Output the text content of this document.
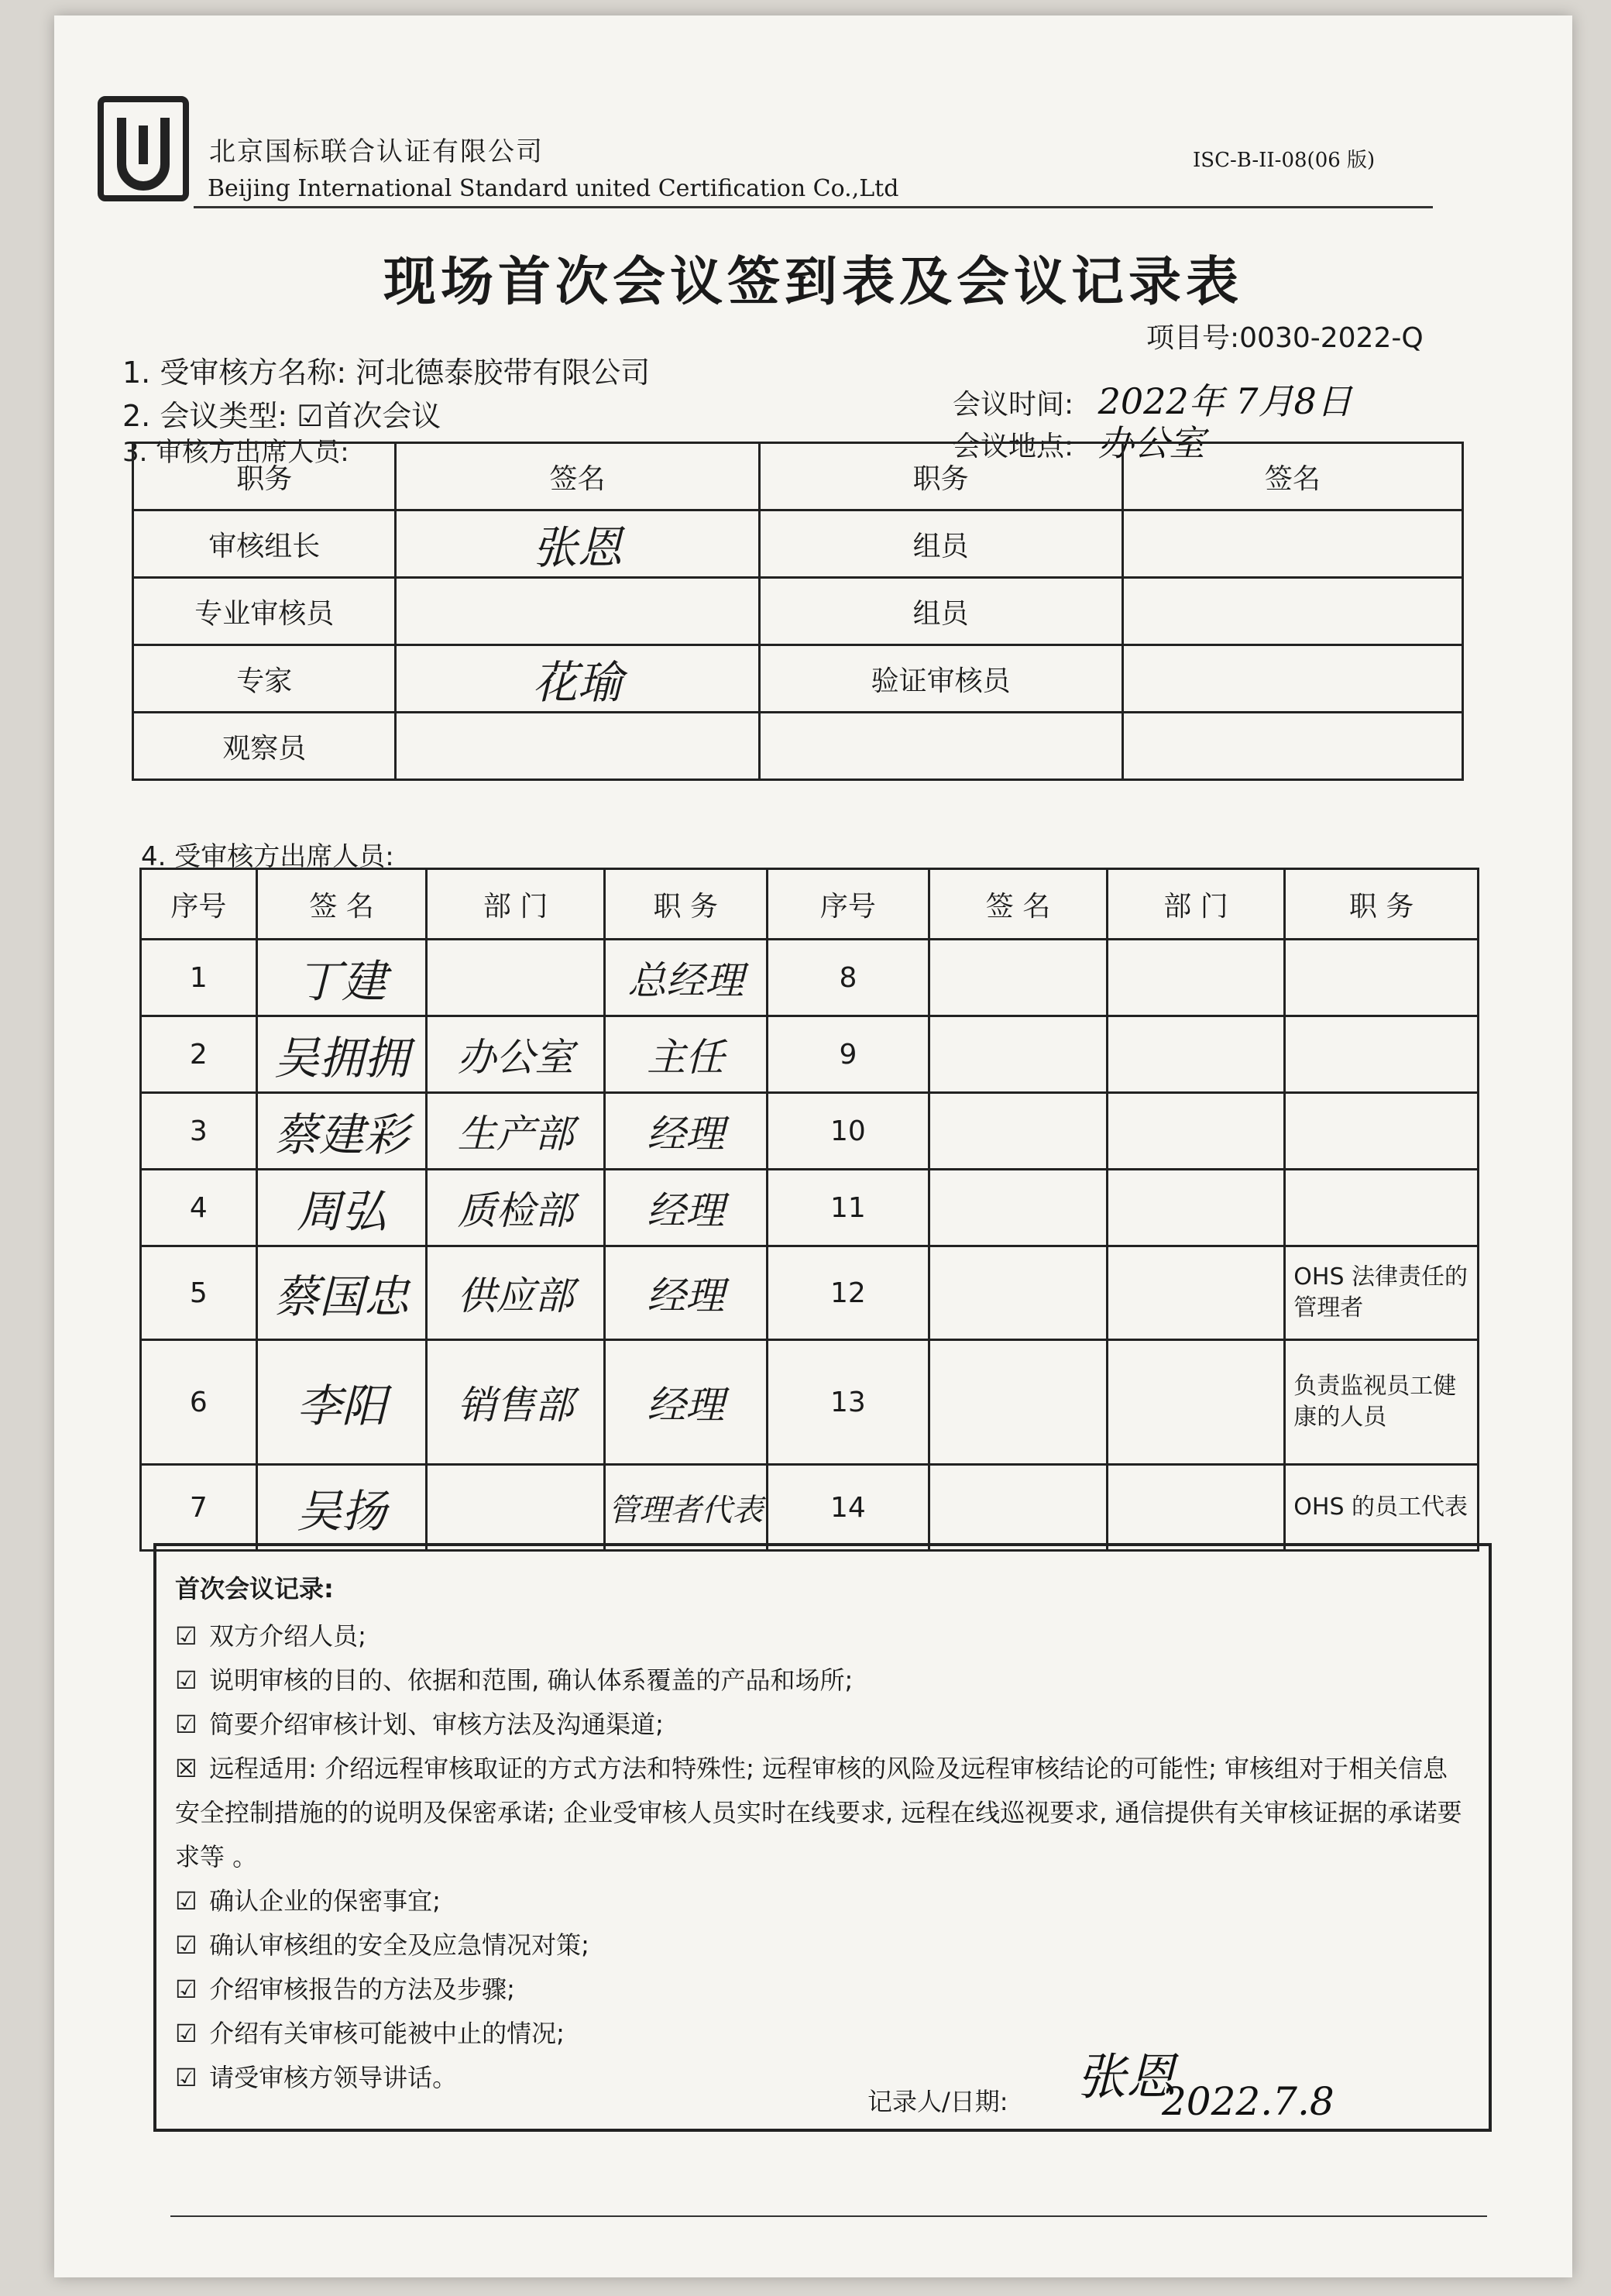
北京国标联合认证有限公司
Beijing International Standard united Certification Co.,Ltd
ISC-B-II-08(06 版)
现场首次会议签到表及会议记录表
项目号:0030-2022-Q
1. 受审核方名称: 河北德泰胶带有限公司
2. 会议类型: ☑首次会议
3. 审核方出席人员:
会议时间: 2022年 7月8日
会议地点: 办公室
职务	签名	职务	签名
审核组长	张恩	组员	
专业审核员		组员	
专家	花瑜	验证审核员	
观察员			
4. 受审核方出席人员:
序号	签 名	部 门	职 务	序号	签 名	部 门	职 务
1	丁建		总经理	8			
2	吴拥拥	办公室	主任	9			
3	蔡建彩	生产部	经理	10			
4	周弘	质检部	经理	11			
5	蔡国忠	供应部	经理	12			OHS 法律责任的管理者
6	李阳	销售部	经理	13			负责监视员工健康的人员
7	吴扬		管理者代表	14			OHS 的员工代表
首次会议记录:
☑ 双方介绍人员;
☑ 说明审核的目的、依据和范围, 确认体系覆盖的产品和场所;
☑ 简要介绍审核计划、审核方法及沟通渠道;
☒ 远程适用: 介绍远程审核取证的方式方法和特殊性; 远程审核的风险及远程审核结论的可能性; 审核组对于相关信息安全控制措施的的说明及保密承诺; 企业受审核人员实时在线要求, 远程在线巡视要求, 通信提供有关审核证据的承诺要求等 。
☑ 确认企业的保密事宜;
☑ 确认审核组的安全及应急情况对策;
☑ 介绍审核报告的方法及步骤;
☑ 介绍有关审核可能被中止的情况;
☑ 请受审核方领导讲话。
记录人/日期: 张恩
2022.7.8
